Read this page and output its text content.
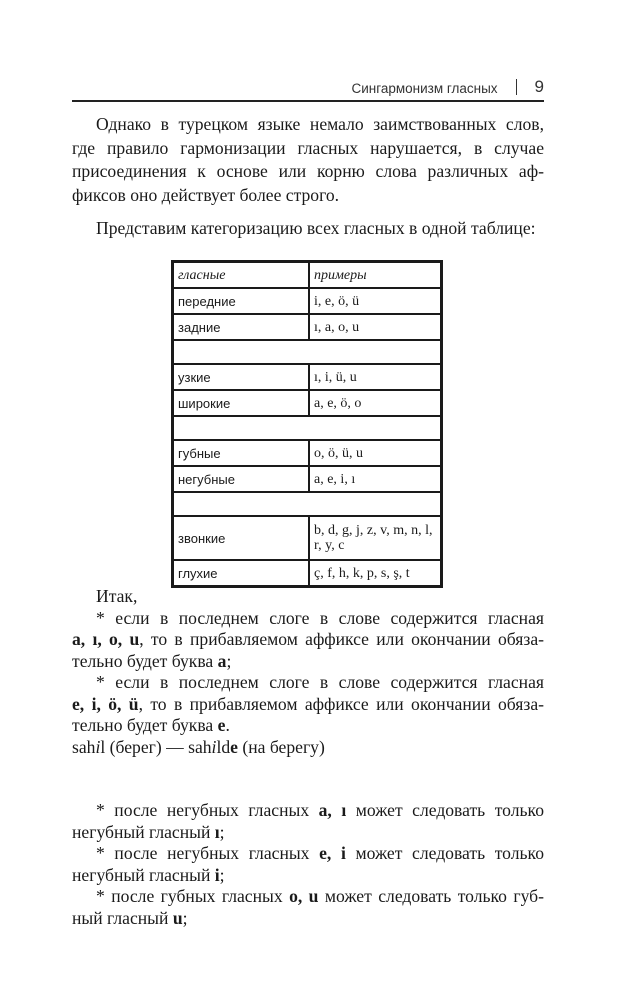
Сингармонизм гласных 9
Однако в турецком языке немало заимствованных слов,
где правило гармонизации гласных нарушается, в случае
присоединения к основе или корню слова различных аф-
фиксов оно действует более строго.
Представим категоризацию всех гласных в одной таблице:
гласные	примеры
передние	i, e, ö, ü
задние	ı, a, o, u

узкие	ı, i, ü, u
широкие	a, e, ö, o

губные	o, ö, ü, u
негубные	a, e, i, ı

звонкие	b, d, g, j, z, v, m, n, l, r, y, c
глухие	ç, f, h, k, p, s, ş, t
Итак,
* если в последнем слоге в слове содержится гласная
a, ı, o, u, то в прибавляемом аффиксе или окончании обяза-
тельно будет буква a;
* если в последнем слоге в слове содержится гласная
e, i, ö, ü, то в прибавляемом аффиксе или окончании обяза-
тельно будет буква e.
sahil (берег) — sahilde (на берегу)
* после негубных гласных a, ı может следовать только
негубный гласный ı;
* после негубных гласных e, i может следовать только
негубный гласный i;
* после губных гласных o, u может следовать только губ-
ный гласный u;
